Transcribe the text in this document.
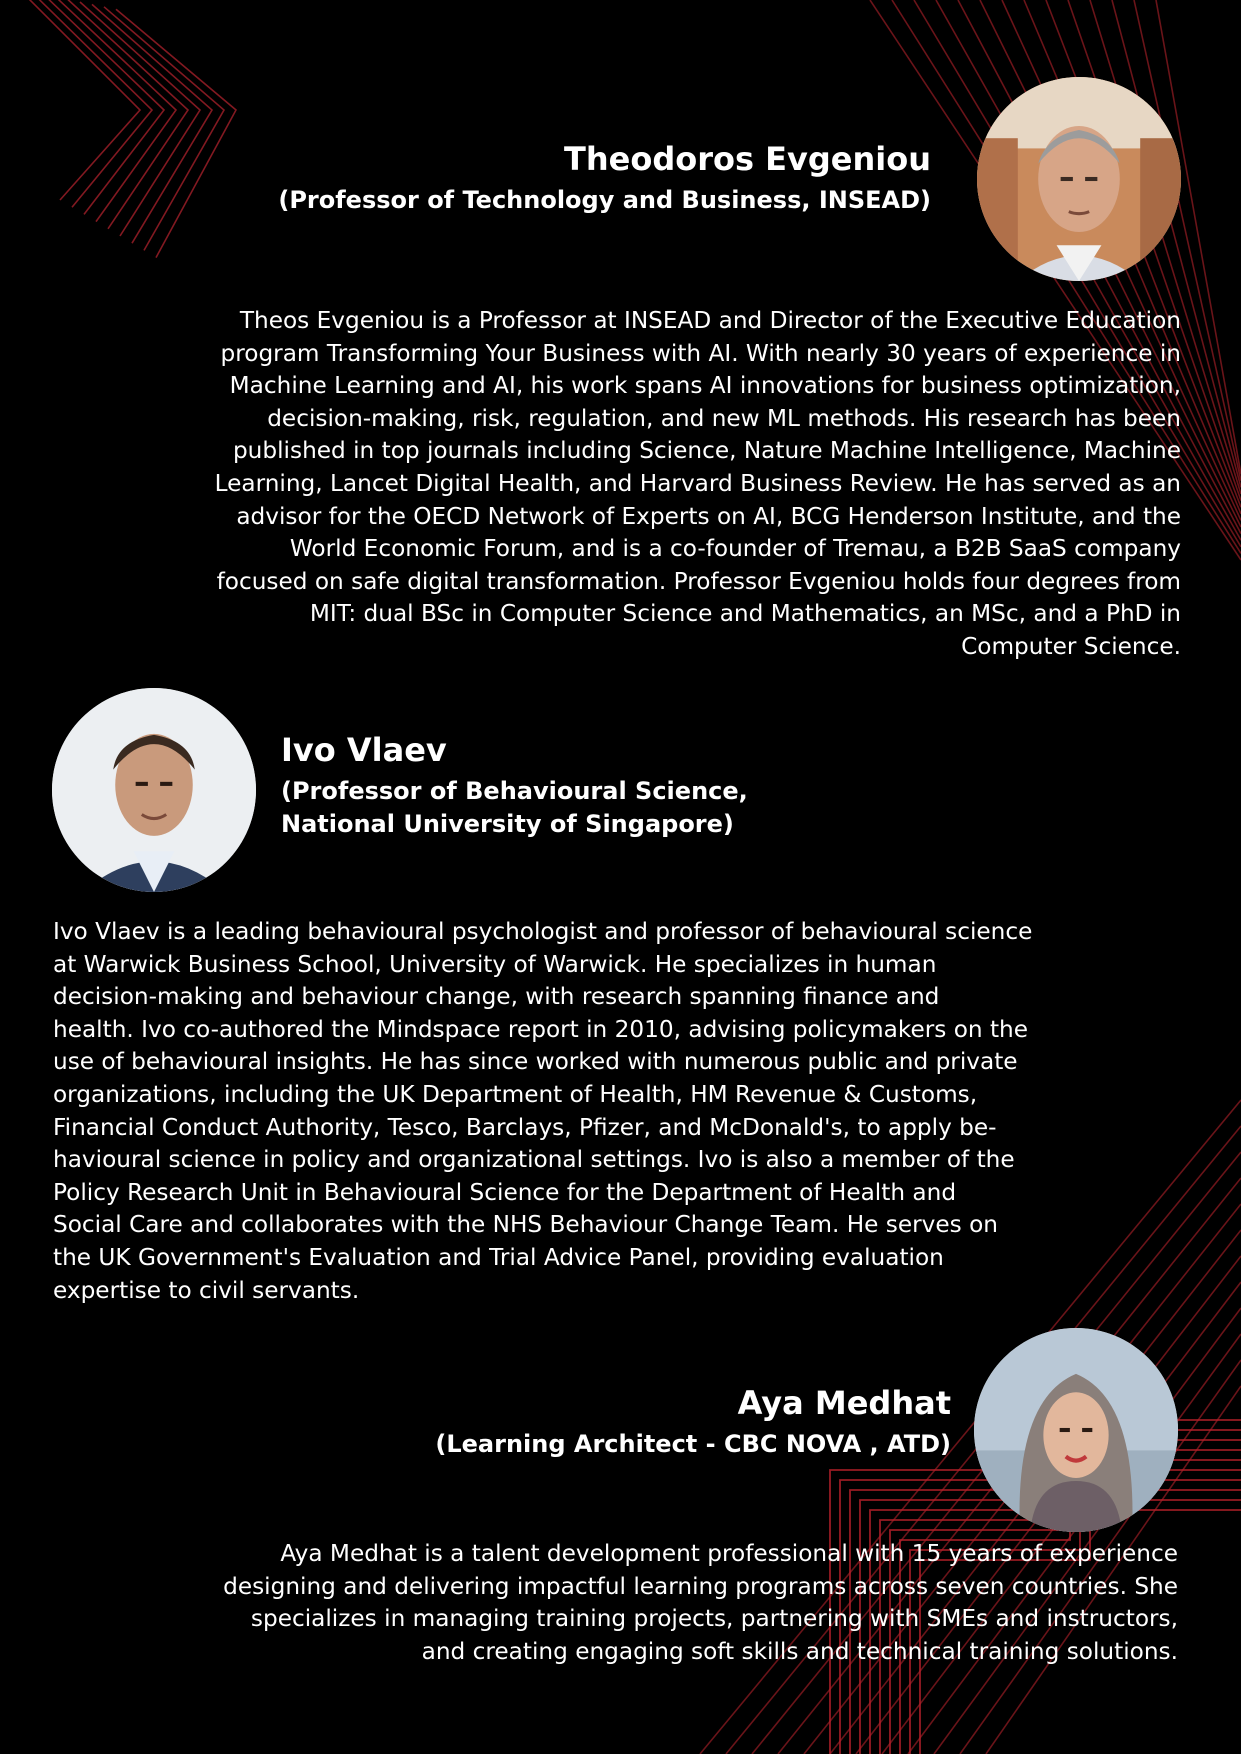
Theodoros Evgeniou

(Professor of Technology and Business, INSEAD)

Theos Evgeniou is a Professor at INSEAD and Director of the Executive Education
program Transforming Your Business with AI. With nearly 30 years of experience in
Machine Learning and AI, his work spans AI innovations for business optimization,
decision-making, risk, regulation, and new ML methods. His research has been
published in top journals including Science, Nature Machine Intelligence, Machine
Learning, Lancet Digital Health, and Harvard Business Review. He has served as an
advisor for the OECD Network of Experts on AI, BCG Henderson Institute, and the
World Economic Forum, and is a co-founder of Tremau, a B2B SaaS company
focused on safe digital transformation. Professor Evgeniou holds four degrees from
MIT: dual BSc in Computer Science and Mathematics, an MSc, and a PhD in
Computer Science.

Ivo Vlaev

(Professor of Behavioural Science,

National University of Singapore)

Ivo Vlaev is a leading behavioural psychologist and professor of behavioural science
at Warwick Business School, University of Warwick. He specializes in human
decision-making and behaviour change, with research spanning finance and
health. Ivo co-authored the Mindspace report in 2010, advising policymakers on the
use of behavioural insights. He has since worked with numerous public and private
organizations, including the UK Department of Health, HM Revenue & Customs,
Financial Conduct Authority, Tesco, Barclays, Pfizer, and McDonald's, to apply be-
havioural science in policy and organizational settings. Ivo is also a member of the
Policy Research Unit in Behavioural Science for the Department of Health and
Social Care and collaborates with the NHS Behaviour Change Team. He serves on
the UK Government's Evaluation and Trial Advice Panel, providing evaluation
expertise to civil servants.

Aya Medhat

(Learning Architect - CBC NOVA , ATD)

Aya Medhat is a talent development professional with 15 years of experience
designing and delivering impactful learning programs across seven countries. She
specializes in managing training projects, partnering with SMEs and instructors,
and creating engaging soft skills and technical training solutions.
